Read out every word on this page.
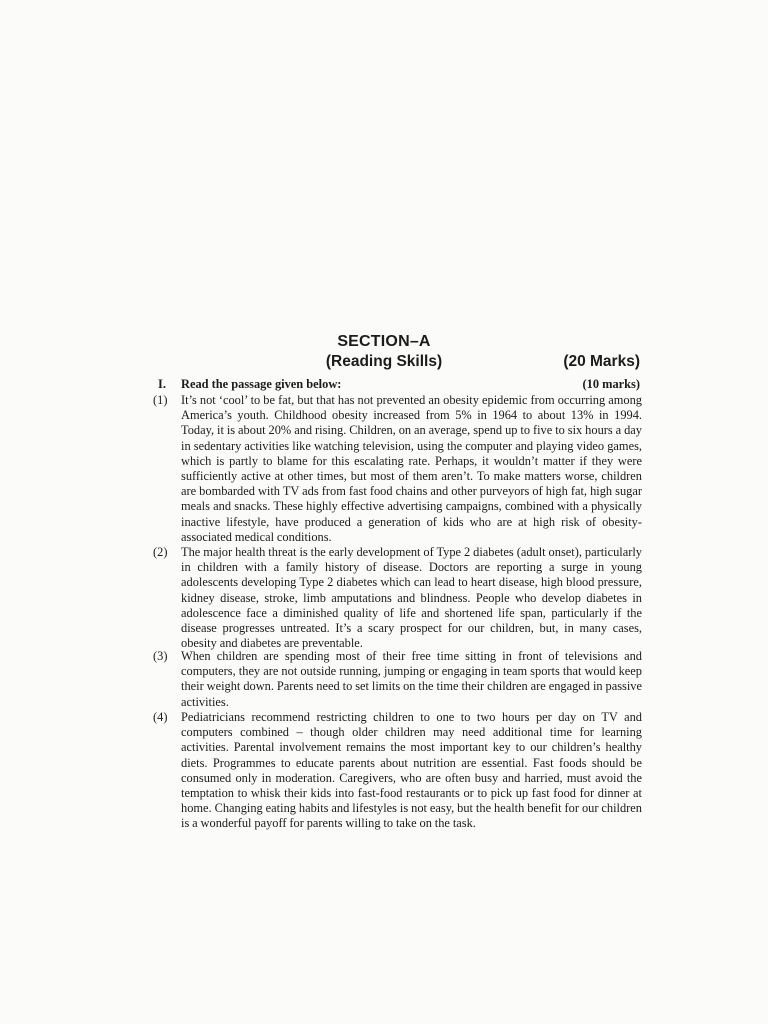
SECTION–A
(Reading Skills)	(20 Marks)
I. Read the passage given below:	(10 marks)
(1) It’s not ‘cool’ to be fat, but that has not prevented an obesity epidemic from occurring among America’s youth. Childhood obesity increased from 5% in 1964 to about 13% in 1994. Today, it is about 20% and rising. Children, on an average, spend up to five to six hours a day in sedentary activities like watching television, using the computer and playing video games, which is partly to blame for this escalating rate. Perhaps, it wouldn’t matter if they were sufficiently active at other times, but most of them aren’t. To make matters worse, children are bombarded with TV ads from fast food chains and other purveyors of high fat, high sugar meals and snacks. These highly effective advertising campaigns, combined with a physically inactive lifestyle, have produced a generation of kids who are at high risk of obesity-associated medical conditions.
(2) The major health threat is the early development of Type 2 diabetes (adult onset), particularly in children with a family history of disease. Doctors are reporting a surge in young adolescents developing Type 2 diabetes which can lead to heart disease, high blood pressure, kidney disease, stroke, limb amputations and blindness. People who develop diabetes in adolescence face a diminished quality of life and shortened life span, particularly if the disease progresses untreated. It’s a scary prospect for our children, but, in many cases, obesity and diabetes are preventable.
(3) When children are spending most of their free time sitting in front of televisions and computers, they are not outside running, jumping or engaging in team sports that would keep their weight down. Parents need to set limits on the time their children are engaged in passive activities.
(4) Pediatricians recommend restricting children to one to two hours per day on TV and computers combined – though older children may need additional time for learning activities. Parental involvement remains the most important key to our children’s healthy diets. Programmes to educate parents about nutrition are essential. Fast foods should be consumed only in moderation. Caregivers, who are often busy and harried, must avoid the temptation to whisk their kids into fast-food restaurants or to pick up fast food for dinner at home. Changing eating habits and lifestyles is not easy, but the health benefit for our children is a wonderful payoff for parents willing to take on the task.
